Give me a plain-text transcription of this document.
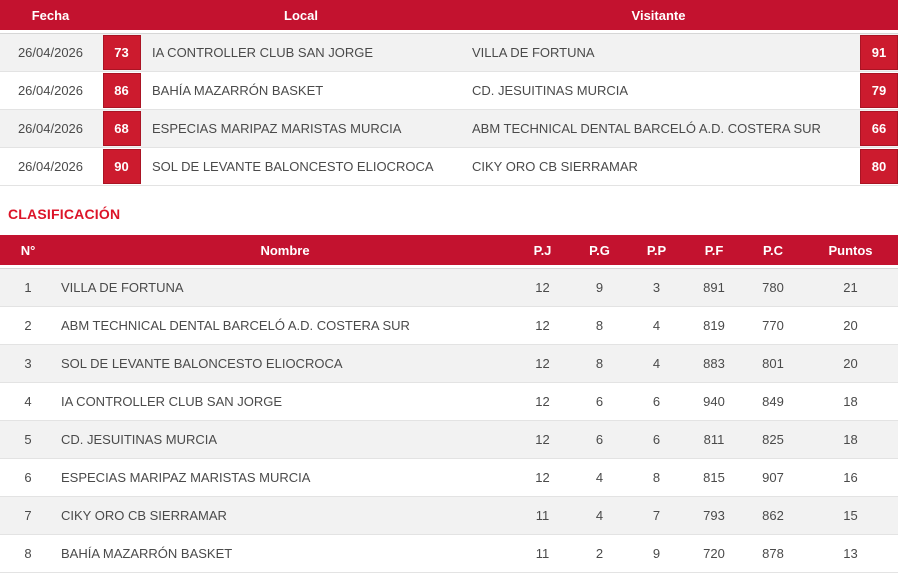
Fecha	Local	Visitante
26/04/2026	73	IA CONTROLLER CLUB SAN JORGE	VILLA DE FORTUNA	91
26/04/2026	86	BAHÍA MAZARRÓN BASKET	CD. JESUITINAS MURCIA	79
26/04/2026	68	ESPECIAS MARIPAZ MARISTAS MURCIA	ABM TECHNICAL DENTAL BARCELÓ A.D. COSTERA SUR	66
26/04/2026	90	SOL DE LEVANTE BALONCESTO ELIOCROCA	CIKY ORO CB SIERRAMAR	80
CLASIFICACIÓN
N°	Nombre	P.J	P.G	P.P	P.F	P.C	Puntos
1	VILLA DE FORTUNA	12	9	3	891	780	21
2	ABM TECHNICAL DENTAL BARCELÓ A.D. COSTERA SUR	12	8	4	819	770	20
3	SOL DE LEVANTE BALONCESTO ELIOCROCA	12	8	4	883	801	20
4	IA CONTROLLER CLUB SAN JORGE	12	6	6	940	849	18
5	CD. JESUITINAS MURCIA	12	6	6	811	825	18
6	ESPECIAS MARIPAZ MARISTAS MURCIA	12	4	8	815	907	16
7	CIKY ORO CB SIERRAMAR	11	4	7	793	862	15
8	BAHÍA MAZARRÓN BASKET	11	2	9	720	878	13
